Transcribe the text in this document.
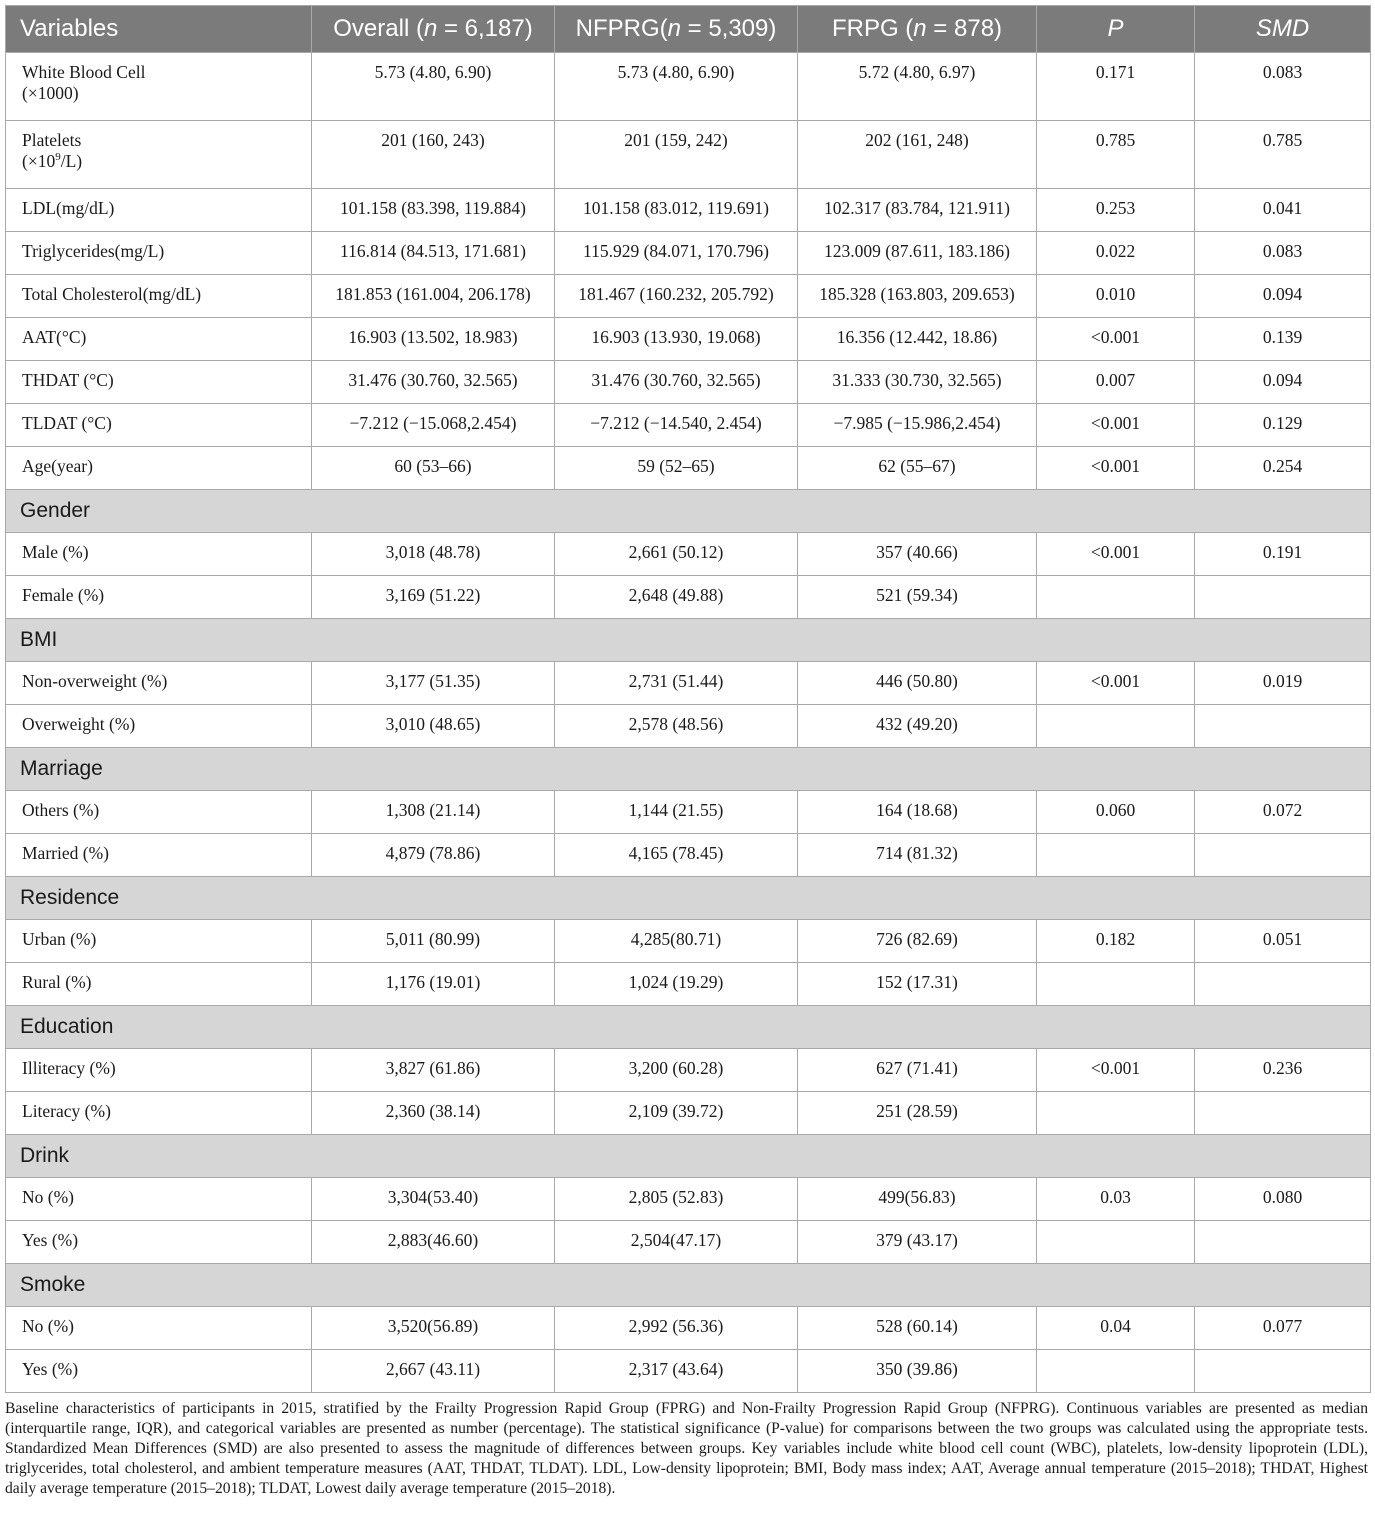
Variables	Overall (n = 6,187)	NFPRG(n = 5,309)	FRPG (n = 878)	P	SMD
White Blood Cell
(×1000)	5.73 (4.80, 6.90)	5.73 (4.80, 6.90)	5.72 (4.80, 6.97)	0.171	0.083
Platelets
$(\times 10^9/L)$	201 (160, 243)	201 (159, 242)	202 (161, 248)	0.785	0.785
LDL(mg/dL)	101.158 (83.398, 119.884)	101.158 (83.012, 119.691)	102.317 (83.784, 121.911)	0.253	0.041
Triglycerides(mg/L)	116.814 (84.513, 171.681)	115.929 (84.071, 170.796)	123.009 (87.611, 183.186)	0.022	0.083
Total Cholesterol(mg/dL)	181.853 (161.004, 206.178)	181.467 (160.232, 205.792)	185.328 (163.803, 209.653)	0.010	0.094
AAT(°C)	16.903 (13.502, 18.983)	16.903 (13.930, 19.068)	16.356 (12.442, 18.86)	<0.001	0.139
THDAT (°C)	31.476 (30.760, 32.565)	31.476 (30.760, 32.565)	31.333 (30.730, 32.565)	0.007	0.094
TLDAT (°C)	−7.212 (−15.068,2.454)	−7.212 (−14.540, 2.454)	−7.985 (−15.986,2.454)	<0.001	0.129
Age(year)	60 (53–66)	59 (52–65)	62 (55–67)	<0.001	0.254
Gender					
Male (%)	3,018 (48.78)	2,661 (50.12)	357 (40.66)	<0.001	0.191
Female (%)	3,169 (51.22)	2,648 (49.88)	521 (59.34)		
BMI					
Non-overweight (%)	3,177 (51.35)	2,731 (51.44)	446 (50.80)	<0.001	0.019
Overweight (%)	3,010 (48.65)	2,578 (48.56)	432 (49.20)		
Marriage					
Others (%)	1,308 (21.14)	1,144 (21.55)	164 (18.68)	0.060	0.072
Married (%)	4,879 (78.86)	4,165 (78.45)	714 (81.32)		
Residence					
Urban (%)	5,011 (80.99)	4,285(80.71)	726 (82.69)	0.182	0.051
Rural (%)	1,176 (19.01)	1,024 (19.29)	152 (17.31)		
Education					
Illiteracy (%)	3,827 (61.86)	3,200 (60.28)	627 (71.41)	<0.001	0.236
Literacy (%)	2,360 (38.14)	2,109 (39.72)	251 (28.59)		
Drink					
No (%)	3,304(53.40)	2,805 (52.83)	499(56.83)	0.03	0.080
Yes (%)	2,883(46.60)	2,504(47.17)	379 (43.17)		
Smoke					
No (%)	3,520(56.89)	2,992 (56.36)	528 (60.14)	0.04	0.077
Yes (%)	2,667 (43.11)	2,317 (43.64)	350 (39.86)		
Baseline characteristics of participants in 2015, stratified by the Frailty Progression Rapid Group (FPRG) and Non-Frailty Progression Rapid Group (NFPRG). Continuous variables are presented as median (interquartile range, IQR), and categorical variables are presented as number (percentage). The statistical significance (P-value) for comparisons between the two groups was calculated using the appropriate tests. Standardized Mean Differences (SMD) are also presented to assess the magnitude of differences between groups. Key variables include white blood cell count (WBC), platelets, low-density lipoprotein (LDL), triglycerides, total cholesterol, and ambient temperature measures (AAT, THDAT, TLDAT). LDL, Low-density lipoprotein; BMI, Body mass index; AAT, Average annual temperature (2015–2018); THDAT, Highest daily average temperature (2015–2018); TLDAT, Lowest daily average temperature (2015–2018).
